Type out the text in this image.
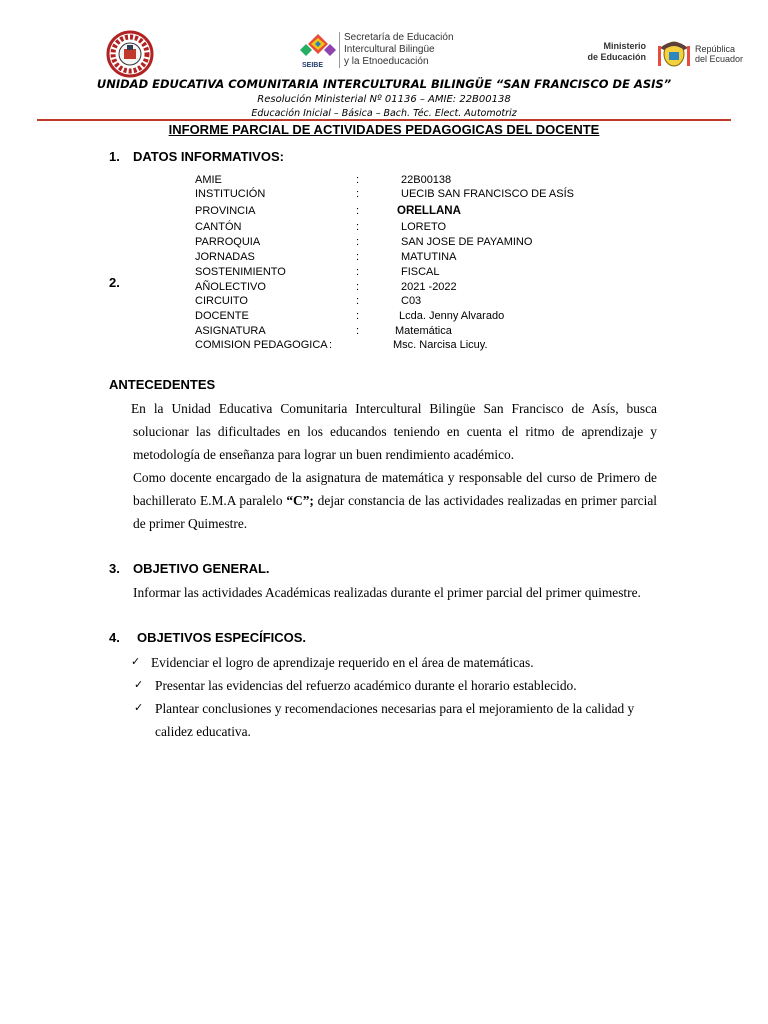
SEIBE
Secretaría de Educación
Intercultural Bilingüe
y la Etnoeducación
Ministerio
de Educación
República
del Ecuador
UNIDAD EDUCATIVA COMUNITARIA INTERCULTURAL BILINGÜE “SAN FRANCISCO DE ASIS”
Resolución Ministerial Nº 01136 – AMIE: 22B00138
Educación Inicial – Básica – Bach. Téc. Elect. Automotriz
INFORME PARCIAL DE ACTIVIDADES PEDAGOGICAS DEL DOCENTE
1. DATOS INFORMATIVOS:
2.
AMIE	:	22B00138
INSTITUCIÓN	:	UECIB SAN FRANCISCO DE ASÍS
PROVINCIA	:	ORELLANA
CANTÓN	:	LORETO
PARROQUIA	:	SAN JOSE DE PAYAMINO
JORNADAS	:	MATUTINA
SOSTENIMIENTO	:	FISCAL
AÑOLECTIVO	:	2021 -2022
CIRCUITO	:	C03
DOCENTE	:	Lcda. Jenny Alvarado
ASIGNATURA	:	Matemática
COMISION PEDAGOGICA :	Msc. Narcisa Licuy.
ANTECEDENTES
En la Unidad Educativa Comunitaria Intercultural Bilingüe San Francisco de Asís, busca solucionar las dificultades en los educandos teniendo en cuenta el ritmo de aprendizaje y metodología de enseñanza para lograr un buen rendimiento académico.
Como docente encargado de la asignatura de matemática y responsable del curso de Primero de bachillerato E.M.A paralelo “C”; dejar constancia de las actividades realizadas en primer parcial de primer Quimestre.
3. OBJETIVO GENERAL.
Informar las actividades Académicas realizadas durante el primer parcial del primer quimestre.
4. OBJETIVOS ESPECÍFICOS.
✓ Evidenciar el logro de aprendizaje requerido en el área de matemáticas.
✓ Presentar las evidencias del refuerzo académico durante el horario establecido.
✓ Plantear conclusiones y recomendaciones necesarias para el mejoramiento de la calidad y calidez educativa.
